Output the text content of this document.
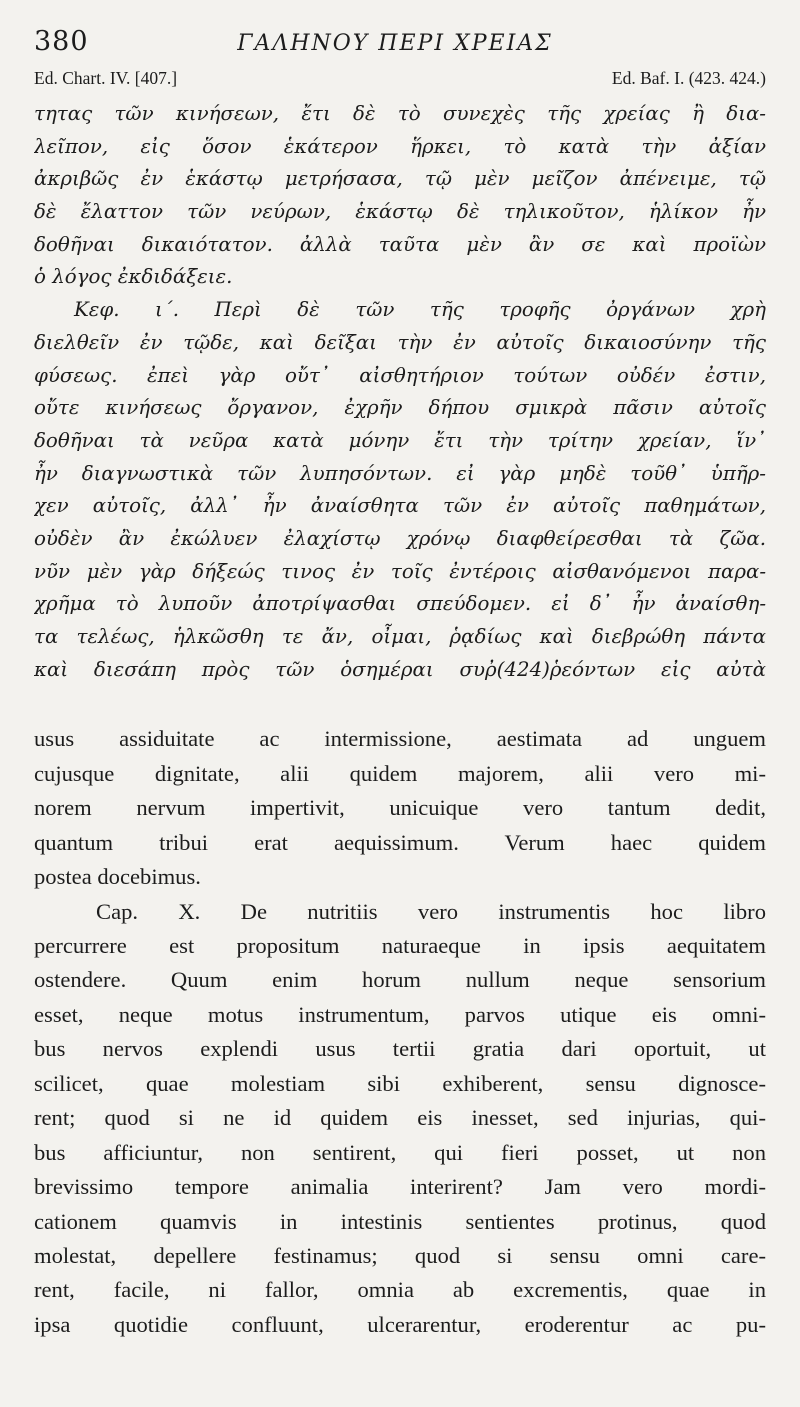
380	ΓΑΛΗΝΟΥ ΠΕΡΙ ΧΡΕΙΑΣ
Ed. Chart. IV. [407.]	Ed. Baf. I. (423. 424.)
τητας τῶν κινήσεων, ἔτι δὲ τὸ συνεχὲς τῆς χρείας ἢ δια-
λεῖπον, εἰς ὅσον ἑκάτερον ἥρκει, τὸ κατὰ τὴν ἀξίαν
ἀκριβῶς ἐν ἑκάστῳ μετρήσασα, τῷ μὲν μεῖζον ἀπένειμε, τῷ
δὲ ἔλαττον τῶν νεύρων, ἑκάστῳ δὲ τηλικοῦτον, ἡλίκον ἦν
δοθῆναι δικαιότατον. ἀλλὰ ταῦτα μὲν ἂν σε καὶ προϊὼν
ὁ λόγος ἐκδιδάξειε.
Κεφ. ι΄. Περὶ δὲ τῶν τῆς τροφῆς ὀργάνων χρὴ
διελθεῖν ἐν τῷδε, καὶ δεῖξαι τὴν ἐν αὐτοῖς δικαιοσύνην τῆς
φύσεως. ἐπεὶ γὰρ οὔτ᾽ αἰσθητήριον τούτων οὐδέν ἐστιν,
οὔτε κινήσεως ὄργανον, ἐχρῆν δήπου σμικρὰ πᾶσιν αὐτοῖς
δοθῆναι τὰ νεῦρα κατὰ μόνην ἔτι τὴν τρίτην χρείαν, ἵν᾽
ἦν διαγνωστικὰ τῶν λυπησόντων. εἰ γὰρ μηδὲ τοῦθ᾽ ὑπῆρ-
χεν αὐτοῖς, ἀλλ᾽ ἦν ἀναίσθητα τῶν ἐν αὐτοῖς παθημάτων,
οὐδὲν ἂν ἐκώλυεν ἐλαχίστῳ χρόνῳ διαφθείρεσθαι τὰ ζῶα.
νῦν μὲν γὰρ δήξεώς τινος ἐν τοῖς ἐντέροις αἰσθανόμενοι παρα-
χρῆμα τὸ λυποῦν ἀποτρίψασθαι σπεύδομεν. εἰ δ᾽ ἦν ἀναίσθη-
τα τελέως, ἡλκῶσθη τε ἄν, οἶμαι, ῥᾳδίως καὶ διεβρώθη πάντα
καὶ διεσάπη πρὸς τῶν ὁσημέραι συῤ(424)ῥεόντων εἰς αὐτὰ
usus assiduitate ac intermissione, aestimata ad unguem
cujusque dignitate, alii quidem majorem, alii vero mi-
norem nervum impertivit, unicuique vero tantum dedit,
quantum tribui erat aequissimum. Verum haec quidem
postea docebimus.
Cap. X. De nutritiis vero instrumentis hoc libro
percurrere est propositum naturaeque in ipsis aequitatem
ostendere. Quum enim horum nullum neque sensorium
esset, neque motus instrumentum, parvos utique eis omni-
bus nervos explendi usus tertii gratia dari oportuit, ut
scilicet, quae molestiam sibi exhiberent, sensu dignosce-
rent; quod si ne id quidem eis inesset, sed injurias, qui-
bus afficiuntur, non sentirent, qui fieri posset, ut non
brevissimo tempore animalia interirent? Jam vero mordi-
cationem quamvis in intestinis sentientes protinus, quod
molestat, depellere festinamus; quod si sensu omni care-
rent, facile, ni fallor, omnia ab excrementis, quae in
ipsa quotidie confluunt, ulcerarentur, eroderentur ac pu-
